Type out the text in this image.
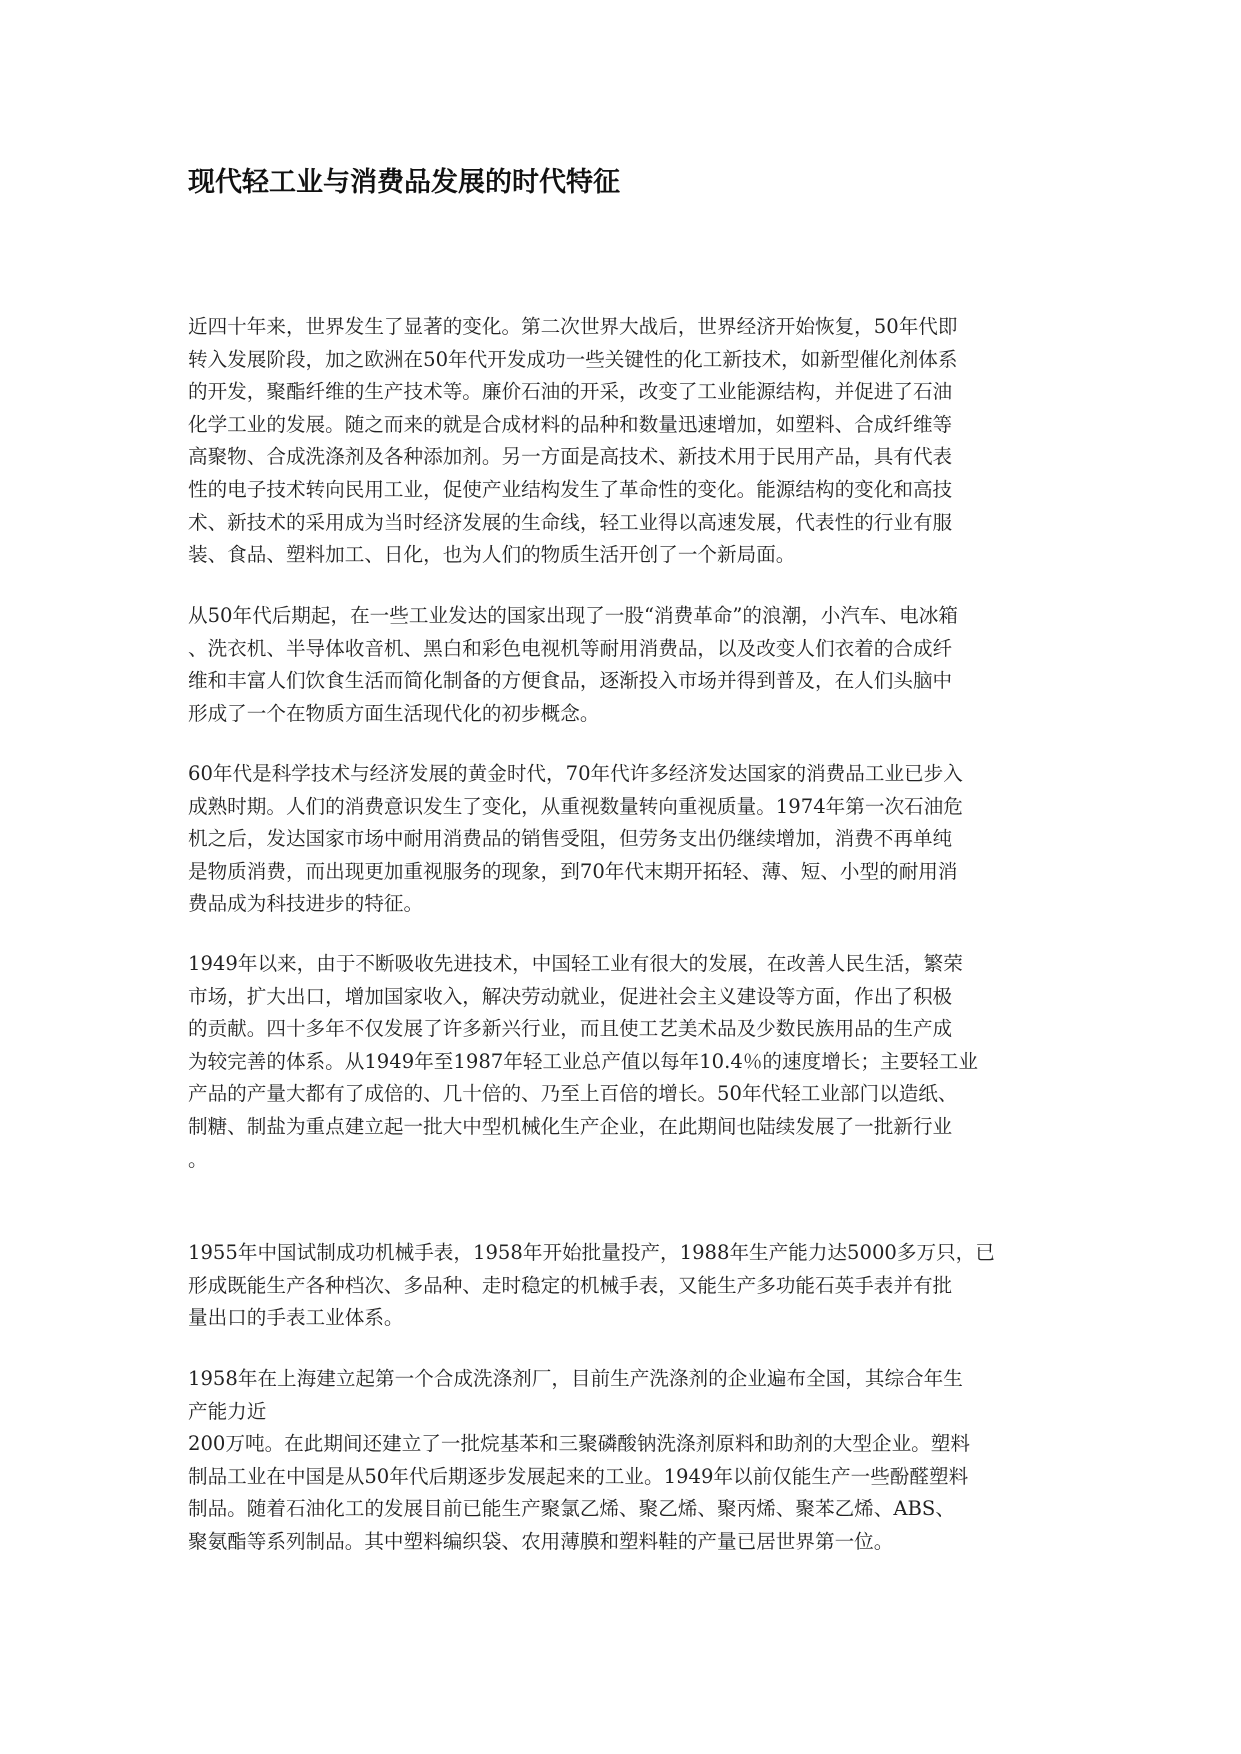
现代轻工业与消费品发展的时代特征

近四十年来，世界发生了显著的变化。第二次世界大战后，世界经济开始恢复，50年代即
转入发展阶段，加之欧洲在50年代开发成功一些关键性的化工新技术，如新型催化剂体系
的开发，聚酯纤维的生产技术等。廉价石油的开采，改变了工业能源结构，并促进了石油
化学工业的发展。随之而来的就是合成材料的品种和数量迅速增加，如塑料、合成纤维等
高聚物、合成洗涤剂及各种添加剂。另一方面是高技术、新技术用于民用产品，具有代表
性的电子技术转向民用工业，促使产业结构发生了革命性的变化。能源结构的变化和高技
术、新技术的采用成为当时经济发展的生命线，轻工业得以高速发展，代表性的行业有服
装、食品、塑料加工、日化，也为人们的物质生活开创了一个新局面。

从50年代后期起，在一些工业发达的国家出现了一股“消费革命”的浪潮，小汽车、电冰箱
、洗衣机、半导体收音机、黑白和彩色电视机等耐用消费品，以及改变人们衣着的合成纤
维和丰富人们饮食生活而简化制备的方便食品，逐渐投入市场并得到普及，在人们头脑中
形成了一个在物质方面生活现代化的初步概念。

60年代是科学技术与经济发展的黄金时代，70年代许多经济发达国家的消费品工业已步入
成熟时期。人们的消费意识发生了变化，从重视数量转向重视质量。1974年第一次石油危
机之后，发达国家市场中耐用消费品的销售受阻，但劳务支出仍继续增加，消费不再单纯
是物质消费，而出现更加重视服务的现象，到70年代末期开拓轻、薄、短、小型的耐用消
费品成为科技进步的特征。

1949年以来，由于不断吸收先进技术，中国轻工业有很大的发展，在改善人民生活，繁荣
市场，扩大出口，增加国家收入，解决劳动就业，促进社会主义建设等方面，作出了积极
的贡献。四十多年不仅发展了许多新兴行业，而且使工艺美术品及少数民族用品的生产成
为较完善的体系。从1949年至1987年轻工业总产值以每年10.4％的速度增长；主要轻工业
产品的产量大都有了成倍的、几十倍的、乃至上百倍的增长。50年代轻工业部门以造纸、
制糖、制盐为重点建立起一批大中型机械化生产企业，在此期间也陆续发展了一批新行业
。

1955年中国试制成功机械手表，1958年开始批量投产，1988年生产能力达5000多万只，已
形成既能生产各种档次、多品种、走时稳定的机械手表，又能生产多功能石英手表并有批
量出口的手表工业体系。

1958年在上海建立起第一个合成洗涤剂厂，目前生产洗涤剂的企业遍布全国，其综合年生
产能力近
200万吨。在此期间还建立了一批烷基苯和三聚磷酸钠洗涤剂原料和助剂的大型企业。塑料
制品工业在中国是从50年代后期逐步发展起来的工业。1949年以前仅能生产一些酚醛塑料
制品。随着石油化工的发展目前已能生产聚氯乙烯、聚乙烯、聚丙烯、聚苯乙烯、ABS、
聚氨酯等系列制品。其中塑料编织袋、农用薄膜和塑料鞋的产量已居世界第一位。
